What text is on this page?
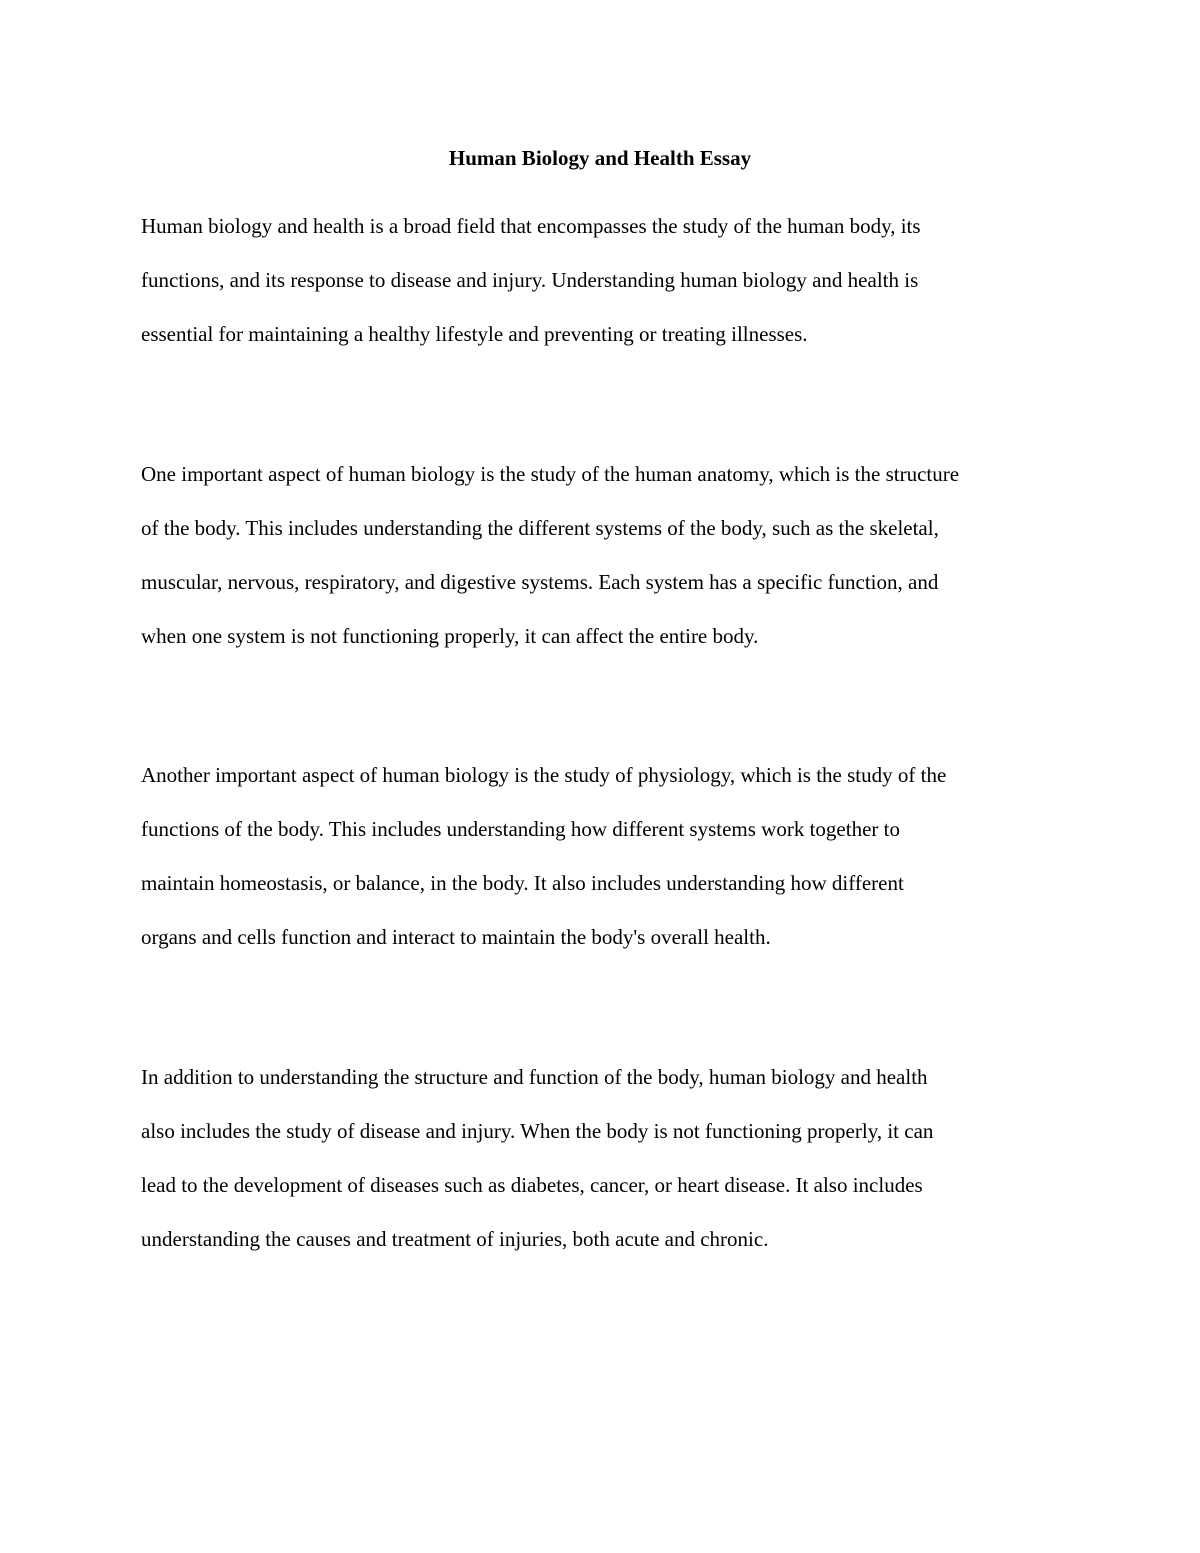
Human Biology and Health Essay
Human biology and health is a broad field that encompasses the study of the human body, its
functions, and its response to disease and injury. Understanding human biology and health is
essential for maintaining a healthy lifestyle and preventing or treating illnesses.
One important aspect of human biology is the study of the human anatomy, which is the structure
of the body. This includes understanding the different systems of the body, such as the skeletal,
muscular, nervous, respiratory, and digestive systems. Each system has a specific function, and
when one system is not functioning properly, it can affect the entire body.
Another important aspect of human biology is the study of physiology, which is the study of the
functions of the body. This includes understanding how different systems work together to
maintain homeostasis, or balance, in the body. It also includes understanding how different
organs and cells function and interact to maintain the body's overall health.
In addition to understanding the structure and function of the body, human biology and health
also includes the study of disease and injury. When the body is not functioning properly, it can
lead to the development of diseases such as diabetes, cancer, or heart disease. It also includes
understanding the causes and treatment of injuries, both acute and chronic.
